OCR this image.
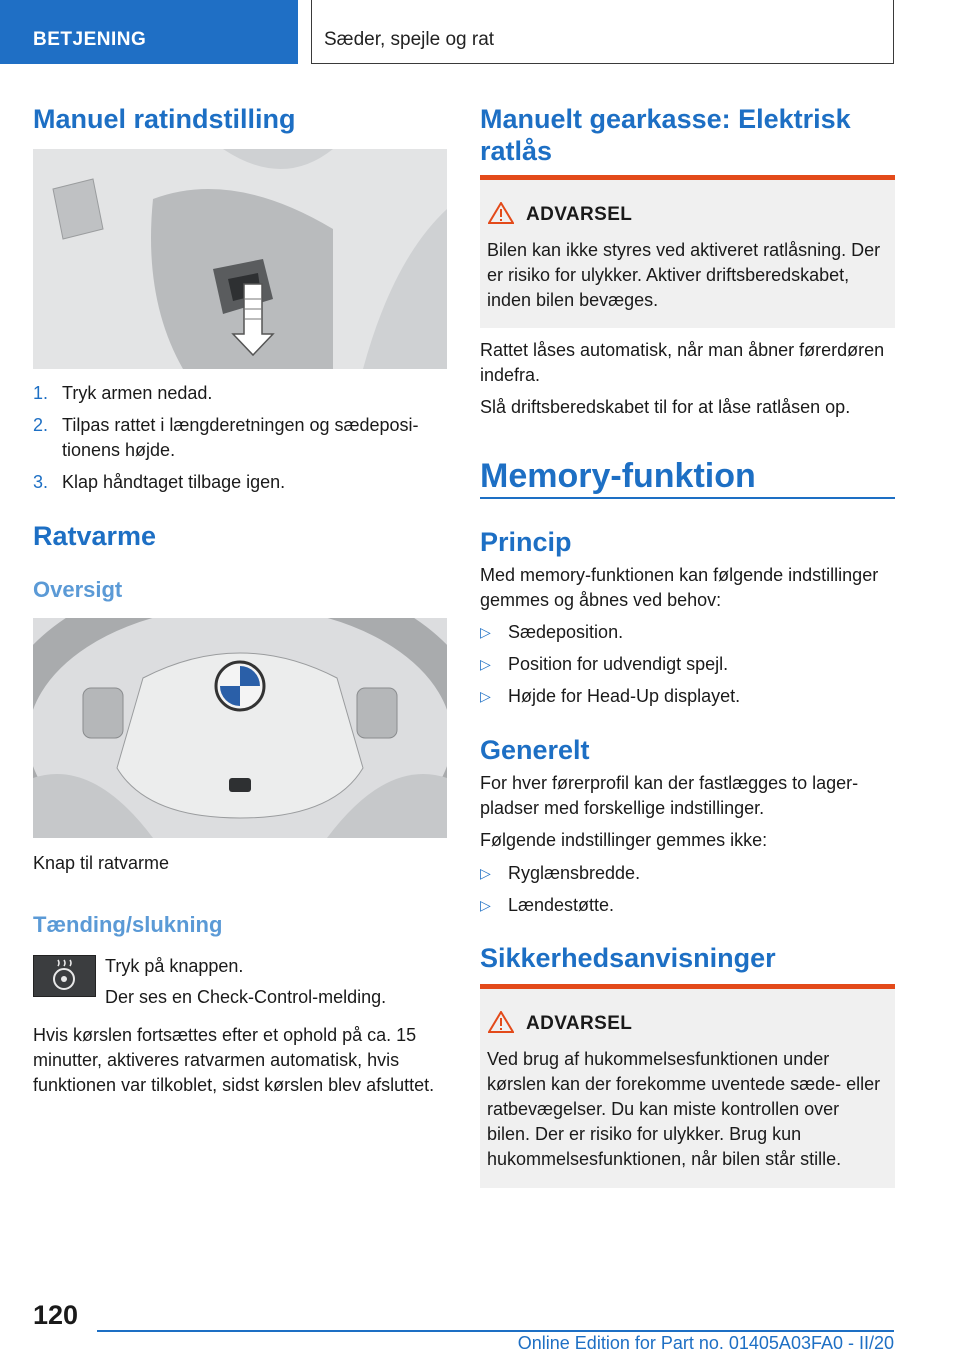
BETJENING	Sæder, spejle og rat
Manuel ratindstilling
1. Tryk armen nedad.
2. Tilpas rattet i længderetningen og sædepositionens højde.
3. Klap håndtaget tilbage igen.
Ratvarme
Oversigt

Knap til ratvarme

Tænding/slukning

Tryk på knappen.

Der ses en Check-Control-melding.

Hvis kørslen fortsættes efter et ophold på ca. 15 minutter, aktiveres ratvarmen automatisk, hvis funktionen var tilkoblet, sidst kørslen blev afsluttet.

Manuelt gearkasse: Elektrisk ratlås
ADVARSEL
Bilen kan ikke styres ved aktiveret ratlåsning. Der er risiko for ulykker. Aktiver driftsberedskabet, inden bilen bevæges.

Rattet låses automatisk, når man åbner førerdøren indefra.

Slå driftsberedskabet til for at låse ratlåsen op.

Memory-funktion
Princip

Med memory-funktionen kan følgende indstillinger gemmes og åbnes ved behov:

▷ Sædeposition.
▷ Position for udvendigt spejl.
▷ Højde for Head-Up displayet.
Generelt

For hver førerprofil kan der fastlægges to lagerpladser med forskellige indstillinger.

Følgende indstillinger gemmes ikke:

▷ Ryglænsbredde.
▷ Lændestøtte.
Sikkerhedsanvisninger
ADVARSEL
Ved brug af hukommelsesfunktionen under kørslen kan der forekomme uventede sæde- eller ratbevægelser. Du kan miste kontrollen over bilen. Der er risiko for ulykker. Brug kun hukommelsesfunktionen, når bilen står stille.
120
Online Edition for Part no. 01405A03FA0 - II/20
